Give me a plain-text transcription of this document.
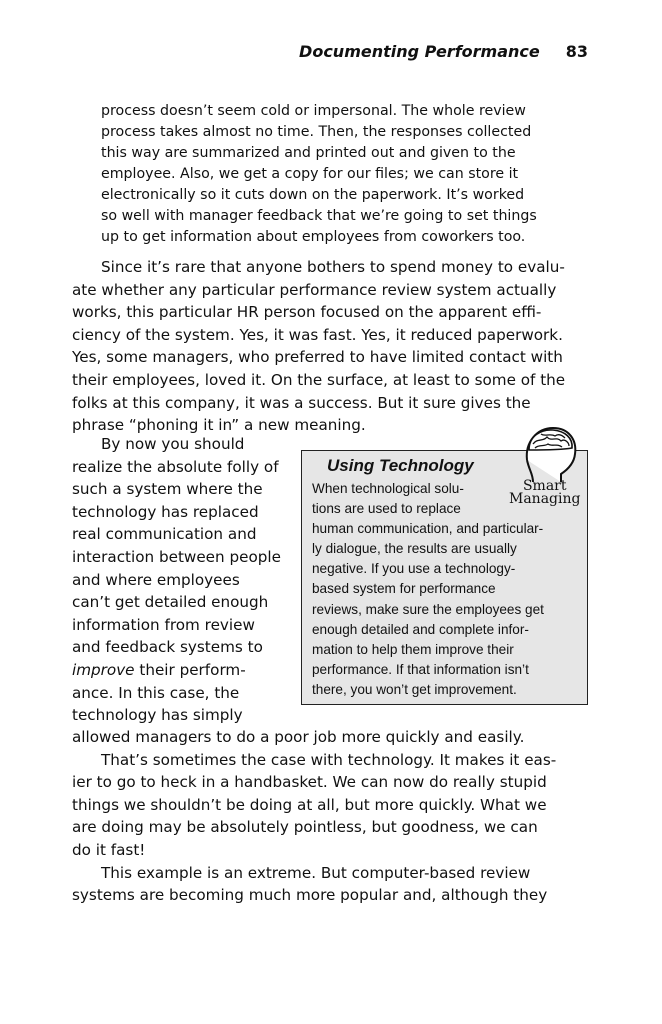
Documenting Performance 83
process doesn’t seem cold or impersonal. The whole review
process takes almost no time. Then, the responses collected
this way are summarized and printed out and given to the
employee. Also, we get a copy for our files; we can store it
electronically so it cuts down on the paperwork. It’s worked
so well with manager feedback that we’re going to set things
up to get information about employees from coworkers too.
Since it’s rare that anyone bothers to spend money to evalu-
ate whether any particular performance review system actually
works, this particular HR person focused on the apparent effi-
ciency of the system. Yes, it was fast. Yes, it reduced paperwork.
Yes, some managers, who preferred to have limited contact with
their employees, loved it. On the surface, at least to some of the
folks at this company, it was a success. But it sure gives the
phrase “phoning it in” a new meaning.
By now you should
realize the absolute folly of
such a system where the
technology has replaced
real communication and
interaction between people
and where employees
can’t get detailed enough
information from review
and feedback systems to
improve their perform-
ance. In this case, the
technology has simply
allowed managers to do a poor job more quickly and easily.
That’s sometimes the case with technology. It makes it eas-
ier to go to heck in a handbasket. We can now do really stupid
things we shouldn’t be doing at all, but more quickly. What we
are doing may be absolutely pointless, but goodness, we can
do it fast!
This example is an extreme. But computer-based review
systems are becoming much more popular and, although they
Using Technology
When technological solu-
tions are used to replace
human communication, and particular-
ly dialogue, the results are usually
negative. If you use a technology-
based system for performance
reviews, make sure the employees get
enough detailed and complete infor-
mation to help them improve their
performance. If that information isn’t
there, you won’t get improvement.
Smart
Managing
